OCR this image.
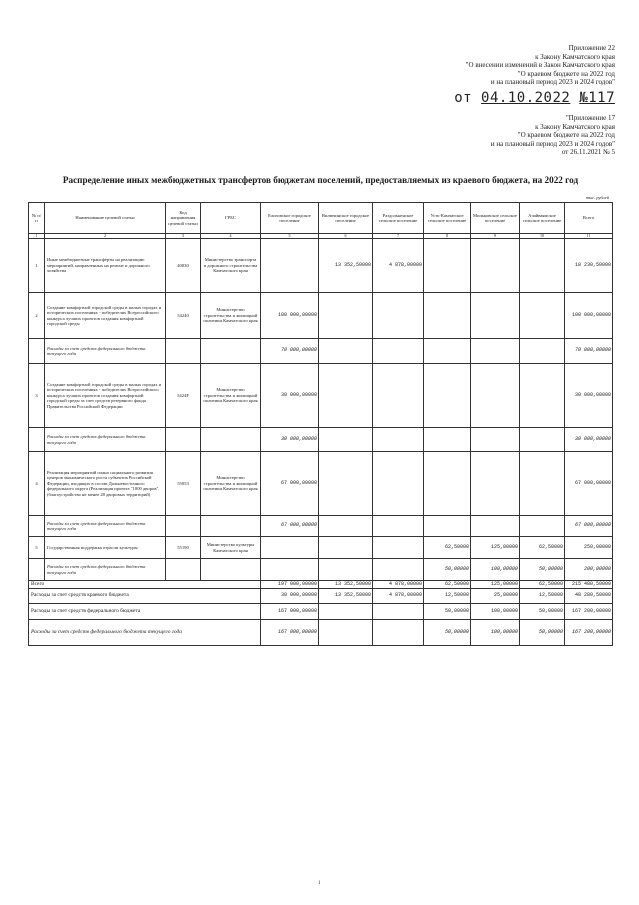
Приложение 22
к Закону Камчатского края
"О внесении изменений в Закон Камчатского края
"О краевом бюджете на 2022 год
и на плановый период 2023 и 2024 годов"
от 04.10.2022 №117
"Приложение 17
к Закону Камчатского края
"О краевом бюджете на 2022 год
и на плановый период 2023 и 2024 годов"
от 26.11.2021 № 5
Распределение иных межбюджетных трансфертов бюджетам поселений, предоставляемых из краевого бюджета, на 2022 год
тыс. рублей
№ п/п	Наименование целевой статьи	Код направления целевой статьи	ГРБС	Елизовское городское поселение	Вилючинское городское поселение	Раздольненское сельское поселение	Усть-Камчатское сельское поселение	Мильковское сельское поселение	Ачайваямское сельское поселение	Всего
1	2	3	4	5	6	7	8	9	10	11
1	Иные межбюджетные трансферты на реализацию мероприятий, направленных на ремонт и дорожного хозяйства	40030	Министерство транспорта и дорожного строительства Камчатского края		13 352,50000	4 878,00000				18 230,50000
2	Создание комфортной городской среды в малых городах и исторических поселениях - победителях Всероссийского конкурса лучших проектов создания комфортной городской среды	54240	Министерство строительства и жилищной политики Камчатского края	100 000,00000						100 000,00000
	Расходы за счет средств федерального бюджета текущего года			70 000,00000						70 000,00000
3	Создание комфортной городской среды в малых городах и исторических поселениях - победителях Всероссийского конкурса лучших проектов создания комфортной городской среды за счет средств резервного фонда Правительства Российской Федерации	5424F	Министерство строительства и жилищной политики Камчатского края	30 000,00000						30 000,00000
	Расходы за счет средств федерального бюджета текущего года			30 000,00000						30 000,00000
4	Реализация мероприятий плана социального развития центров экономического роста субъектов Российской Федерации, входящих в состав Дальневосточного федерального округа (Реализация проекта "1000 дворов" (благоустройство не менее 28 дворовых территорий)	55053	Министерство строительства и жилищной политики Камчатского края	67 000,00000						67 000,00000
	Расходы за счет средств федерального бюджета текущего года			67 000,00000						67 000,00000
5	Государственная поддержка отрасли культуры	55190	Министерство культуры Камчатского края				62,50000	125,00000	62,50000	250,00000
	Расходы за счет средств федерального бюджета текущего года						50,00000	100,00000	50,00000	200,00000
Всего				197 000,00000	13 352,50000	4 878,00000	62,50000	125,00000	62,50000	215 480,50000
Расходы за счет средств краевого бюджета				30 000,00000	13 352,50000	4 878,00000	12,50000	25,00000	12,50000	48 280,50000
Расходы за счет средств федерального бюджета				167 000,00000			50,00000	100,00000	50,00000	167 200,00000
Расходы за счет средств федерального бюджета текущего года				167 000,00000			50,00000	100,00000	50,00000	167 200,00000
1
